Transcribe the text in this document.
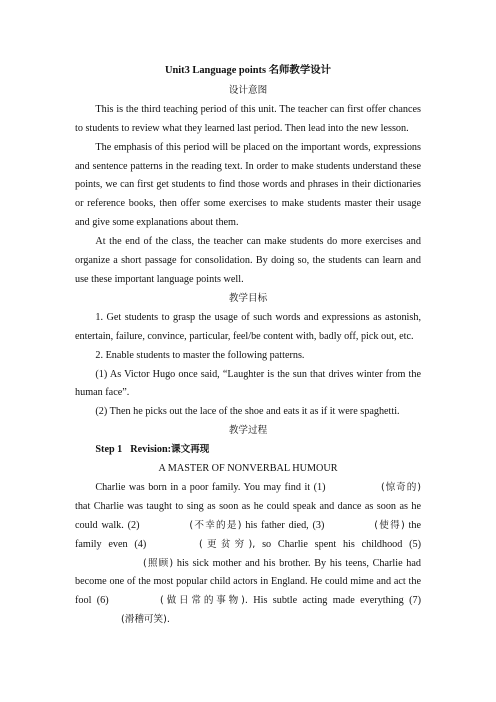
Unit3 Language points 名师教学设计
设计意图
This is the third teaching period of this unit. The teacher can first offer chances to students to review what they learned last period. Then lead into the new lesson.
The emphasis of this period will be placed on the important words, expressions and sentence patterns in the reading text. In order to make students understand these points, we can first get students to find those words and phrases in their dictionaries or reference books, then offer some exercises to make students master their usage and give some explanations about them.
At the end of the class, the teacher can make students do more exercises and organize a short passage for consolidation. By doing so, the students can learn and use these important language points well.
教学目标
1. Get students to grasp the usage of such words and expressions as astonish, entertain, failure, convince, particular, feel/be content with, badly off, pick out, etc.
2. Enable students to master the following patterns.
(1) As Victor Hugo once said, “Laughter is the sun that drives winter from the human face”.
(2) Then he picks out the lace of the shoe and eats it as if it were spaghetti.
教学过程
Step 1 Revision:课文再现
A MASTER OF NONVERBAL HUMOUR
Charlie was born in a poor family. You may find it (1)	(惊奇的) that Charlie was taught to sing as soon as he could speak and dance as soon as he could walk. (2)	(不幸的是) his father died, (3)	(使得) the family even (4)	(更贫穷), so Charlie spent his childhood (5) (照顾) his sick mother and his brother. By his teens, Charlie had become one of the most popular child actors in England. He could mime and act the fool (6)	(做日常的事物). His subtle acting made everything (7) (滑稽可笑).
